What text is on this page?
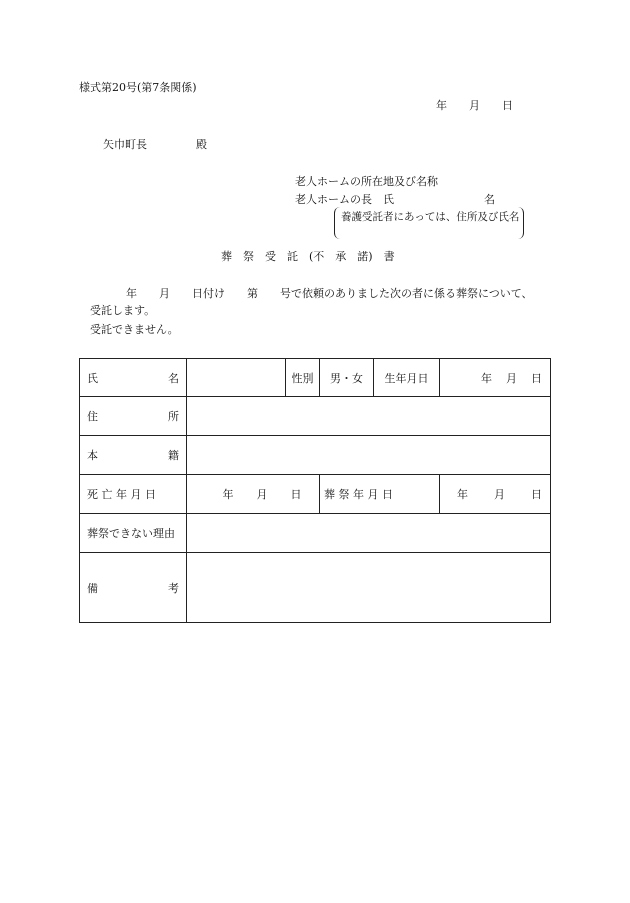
様式第20号(第7条関係)
年　　月　　日
矢巾町長	殿
老人ホームの所在地及び名称
老人ホームの長　氏	名
養護受託者にあっては、住所及び氏名
葬　祭　受　託　(不　承　諾)　書
年　　月　　日付け　　第　　号で依頼のありました次の者に係る葬祭について、
受託します。
受託できません。
氏 名		性別	男・女	生年月日	年 月 日

住 所					

本 籍					

死 亡 年 月 日	年 月 日		葬 祭 年 月 日		年 月 日

葬祭できない理由					

備 考					
